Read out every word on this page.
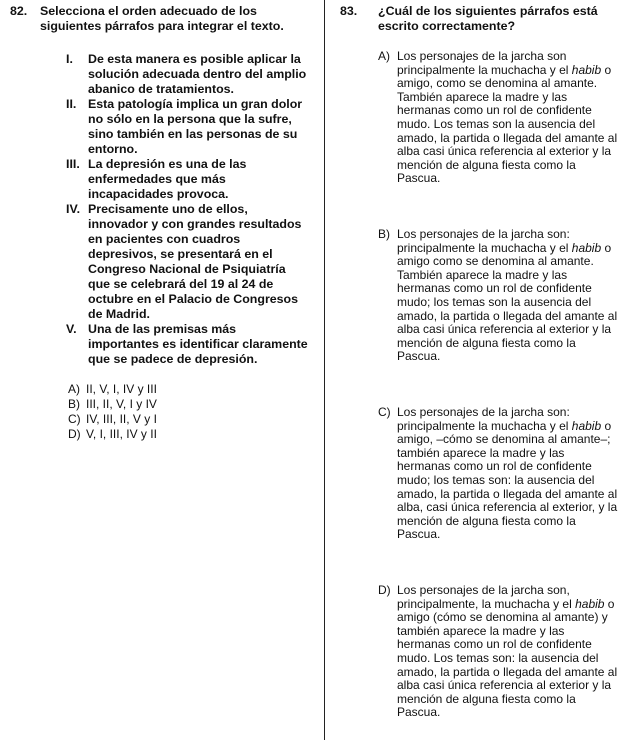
82.	Selecciona el orden adecuado de los siguientes párrafos para integrar el texto.
I.	De esta manera es posible aplicar la solución adecuada dentro del amplio abanico de tratamientos.
II. Esta patología implica un gran dolor no sólo en la persona que la sufre, sino también en las personas de su entorno.
III. La depresión es una de las enfermedades que más incapacidades provoca.
IV. Precisamente uno de ellos, innovador y con grandes resultados en pacientes con cuadros depresivos, se presentará en el Congreso Nacional de Psiquiatría que se celebrará del 19 al 24 de octubre en el Palacio de Congresos de Madrid.
V. Una de las premisas más importantes es identificar claramente que se padece de depresión.
A) II, V, I, IV y III
B) III, II, V, I y IV
C) IV, III, II, V y I
D) V, I, III, IV y II
83.	¿Cuál de los siguientes párrafos está escrito correctamente?
A) Los personajes de la jarcha son principalmente la muchacha y el habib o amigo, como se denomina al amante. También aparece la madre y las hermanas como un rol de confidente mudo. Los temas son la ausencia del amado, la partida o llegada del amante al alba casi única referencia al exterior y la mención de alguna fiesta como la Pascua.
B) Los personajes de la jarcha son: principalmente la muchacha y el habib o amigo como se denomina al amante. También aparece la madre y las hermanas como un rol de confidente mudo; los temas son la ausencia del amado, la partida o llegada del amante al alba casi única referencia al exterior y la mención de alguna fiesta como la Pascua.
C) Los personajes de la jarcha son: principalmente la muchacha y el habib o amigo, –cómo se denomina al amante–; también aparece la madre y las hermanas como un rol de confidente mudo; los temas son: la ausencia del amado, la partida o llegada del amante al alba, casi única referencia al exterior, y la mención de alguna fiesta como la Pascua.
D) Los personajes de la jarcha son, principalmente, la muchacha y el habib o amigo (cómo se denomina al amante) y también aparece la madre y las hermanas como un rol de confidente mudo. Los temas son: la ausencia del amado, la partida o llegada del amante al alba casi única referencia al exterior y la mención de alguna fiesta como la Pascua.
